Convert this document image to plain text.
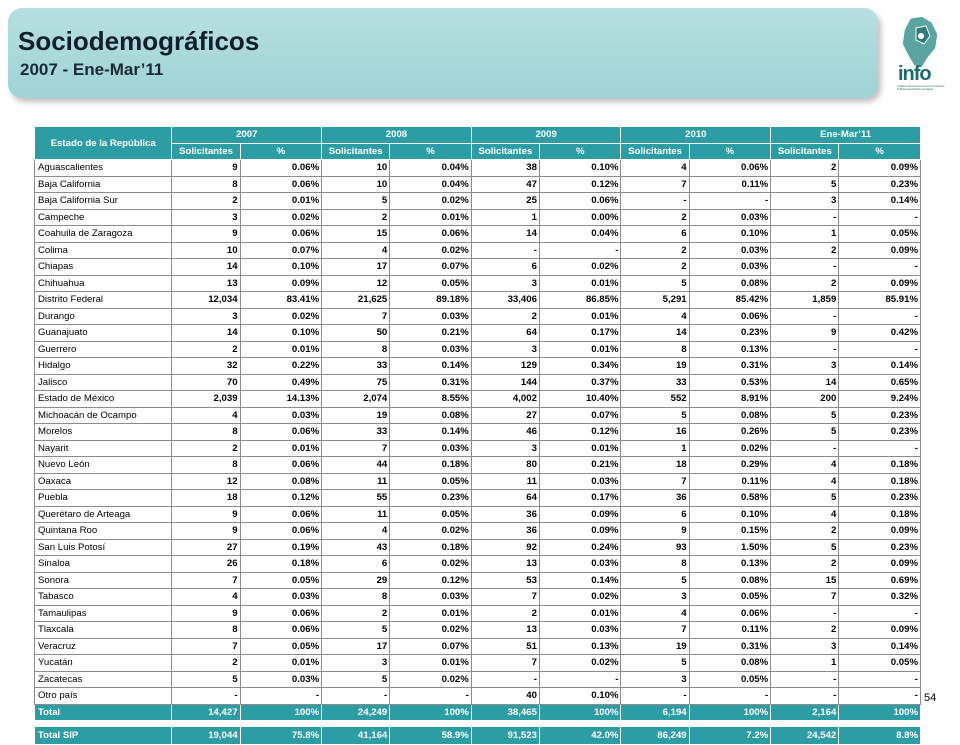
Sociodemográficos
2007 - Ene-Mar’11	info
Instituto de Acceso a la Información Pública del Distrito Federal
Estado de la República	2007		2008		2009		2010		Ene-Mar’11	
	Solicitantes	%	Solicitantes	%	Solicitantes	%	Solicitantes	%	Solicitantes	%
Aguascalientes	9	0.06%	10	0.04%	38	0.10%	4	0.06%	2	0.09%
Baja California	8	0.06%	10	0.04%	47	0.12%	7	0.11%	5	0.23%
Baja California Sur	2	0.01%	5	0.02%	25	0.06%	-	-	3	0.14%
Campeche	3	0.02%	2	0.01%	1	0.00%	2	0.03%	-	-
Coahuila de Zaragoza	9	0.06%	15	0.06%	14	0.04%	6	0.10%	1	0.05%
Colima	10	0.07%	4	0.02%	-	-	2	0.03%	2	0.09%
Chiapas	14	0.10%	17	0.07%	6	0.02%	2	0.03%	-	-
Chihuahua	13	0.09%	12	0.05%	3	0.01%	5	0.08%	2	0.09%
Distrito Federal	12,034	83.41%	21,625	89.18%	33,406	86.85%	5,291	85.42%	1,859	85.91%
Durango	3	0.02%	7	0.03%	2	0.01%	4	0.06%	-	-
Guanajuato	14	0.10%	50	0.21%	64	0.17%	14	0.23%	9	0.42%
Guerrero	2	0.01%	8	0.03%	3	0.01%	8	0.13%	-	-
Hidalgo	32	0.22%	33	0.14%	129	0.34%	19	0.31%	3	0.14%
Jalisco	70	0.49%	75	0.31%	144	0.37%	33	0.53%	14	0.65%
Estado de México	2,039	14.13%	2,074	8.55%	4,002	10.40%	552	8.91%	200	9.24%
Michoacán de Ocampo	4	0.03%	19	0.08%	27	0.07%	5	0.08%	5	0.23%
Morelos	8	0.06%	33	0.14%	46	0.12%	16	0.26%	5	0.23%
Nayarit	2	0.01%	7	0.03%	3	0.01%	1	0.02%	-	-
Nuevo León	8	0.06%	44	0.18%	80	0.21%	18	0.29%	4	0.18%
Oaxaca	12	0.08%	11	0.05%	11	0.03%	7	0.11%	4	0.18%
Puebla	18	0.12%	55	0.23%	64	0.17%	36	0.58%	5	0.23%
Querétaro de Arteaga	9	0.06%	11	0.05%	36	0.09%	6	0.10%	4	0.18%
Quintana Roo	9	0.06%	4	0.02%	36	0.09%	9	0.15%	2	0.09%
San Luis Potosí	27	0.19%	43	0.18%	92	0.24%	93	1.50%	5	0.23%
Sinaloa	26	0.18%	6	0.02%	13	0.03%	8	0.13%	2	0.09%
Sonora	7	0.05%	29	0.12%	53	0.14%	5	0.08%	15	0.69%
Tabasco	4	0.03%	8	0.03%	7	0.02%	3	0.05%	7	0.32%
Tamaulipas	9	0.06%	2	0.01%	2	0.01%	4	0.06%	-	-
Tlaxcala	8	0.06%	5	0.02%	13	0.03%	7	0.11%	2	0.09%
Veracruz	7	0.05%	17	0.07%	51	0.13%	19	0.31%	3	0.14%
Yucatán	2	0.01%	3	0.01%	7	0.02%	5	0.08%	1	0.05%
Zacatecas	5	0.03%	5	0.02%	-	-	3	0.05%	-	-
Otro país	-	-	-	-	40	0.10%	-	-	-	-
Total	14,427	100%	24,249	100%	38,465	100%	6,194	100%	2,164	100%

Total SIP	19,044	75.8%	41,164	58.9%	91,523	42.0%	86,249	7.2%	24,542	8.8%
54
